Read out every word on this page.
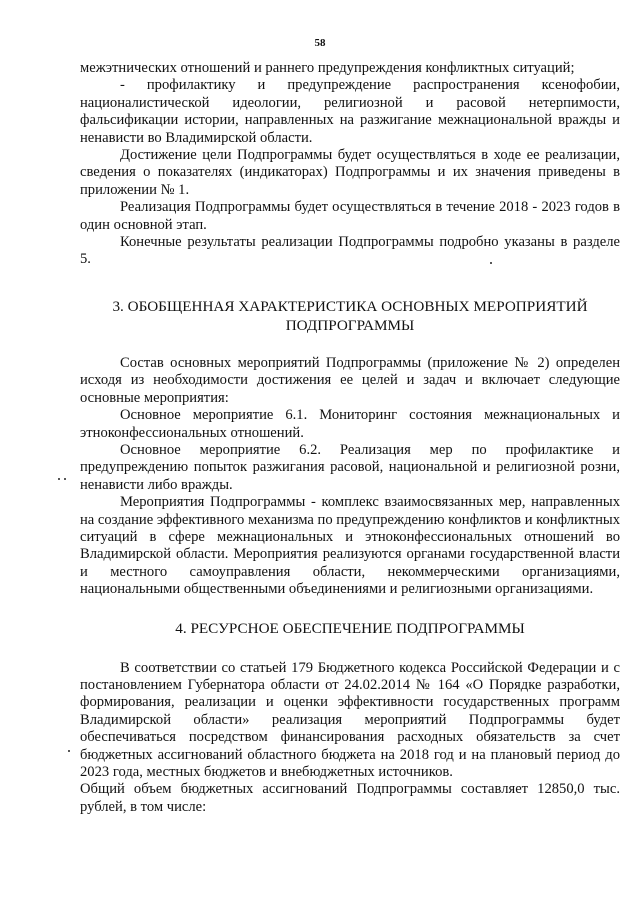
58

межэтнических отношений и раннего предупреждения конфликтных ситуаций;

- профилактику и предупреждение распространения ксенофобии, националистической идеологии, религиозной и расовой нетерпимости, фальсификации истории, направленных на разжигание межнациональной вражды и ненависти во Владимирской области.

Достижение цели Подпрограммы будет осуществляться в ходе ее реализации, сведения о показателях (индикаторах) Подпрограммы и их значения приведены в приложении № 1.

Реализация Подпрограммы будет осуществляться в течение 2018 - 2023 годов в один основной этап.

Конечные результаты реализации Подпрограммы подробно указаны в разделе 5.

3. ОБОБЩЕННАЯ ХАРАКТЕРИСТИКА ОСНОВНЫХ МЕРОПРИЯТИЙ ПОДПРОГРАММЫ

Состав основных мероприятий Подпрограммы (приложение № 2) определен исходя из необходимости достижения ее целей и задач и включает следующие основные мероприятия:

Основное мероприятие 6.1. Мониторинг состояния межнациональных и этноконфессиональных отношений.

Основное мероприятие 6.2. Реализация мер по профилактике и предупреждению попыток разжигания расовой, национальной и религиозной розни, ненависти либо вражды.

Мероприятия Подпрограммы - комплекс взаимосвязанных мер, направленных на создание эффективного механизма по предупреждению конфликтов и конфликтных ситуаций в сфере межнациональных и этноконфессиональных отношений во Владимирской области. Мероприятия реализуются органами государственной власти и местного самоуправления области, некоммерческими организациями, национальными общественными объединениями и религиозными организациями.

4. РЕСУРСНОЕ ОБЕСПЕЧЕНИЕ ПОДПРОГРАММЫ

В соответствии со статьей 179 Бюджетного кодекса Российской Федерации и с постановлением Губернатора области от 24.02.2014 № 164 «О Порядке разработки, формирования, реализации и оценки эффективности государственных программ Владимирской области» реализация мероприятий Подпрограммы будет обеспечиваться посредством финансирования расходных обязательств за счет бюджетных ассигнований областного бюджета на 2018 год и на плановый период до 2023 года, местных бюджетов и внебюджетных источников.

Общий объем бюджетных ассигнований Подпрограммы составляет 12850,0 тыс. рублей, в том числе:
